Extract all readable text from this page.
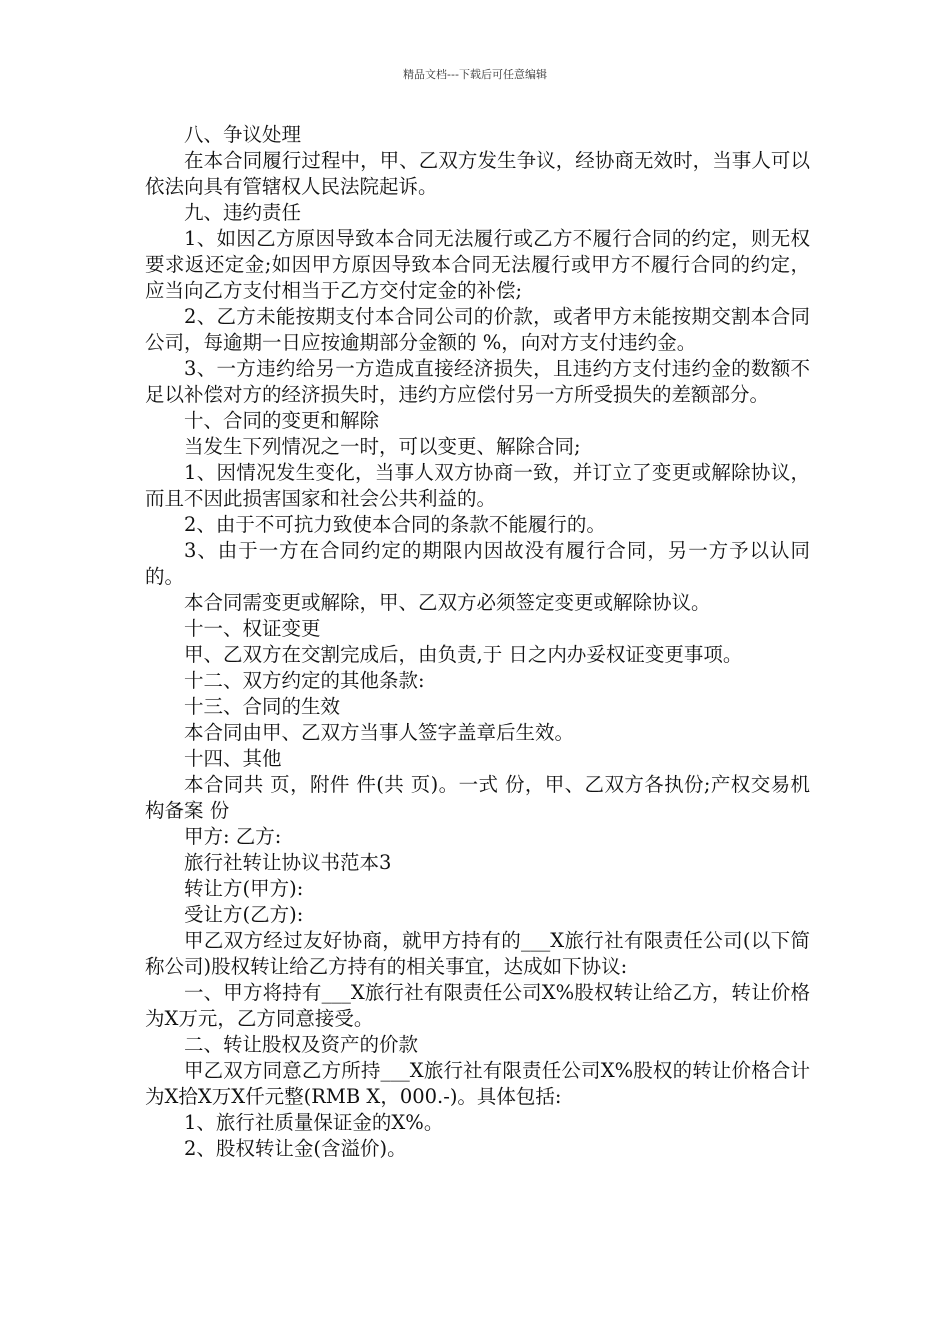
精品文档---下载后可任意编辑

八、争议处理

在本合同履行过程中，甲、乙双方发生争议，经协商无效时，当事人可以依法向具有管辖权人民法院起诉。

九、违约责任

1、如因乙方原因导致本合同无法履行或乙方不履行合同的约定，则无权要求返还定金;如因甲方原因导致本合同无法履行或甲方不履行合同的约定，应当向乙方支付相当于乙方交付定金的补偿;

2、乙方未能按期支付本合同公司的价款，或者甲方未能按期交割本合同公司，每逾期一日应按逾期部分金额的 %，向对方支付违约金。

3、一方违约给另一方造成直接经济损失，且违约方支付违约金的数额不足以补偿对方的经济损失时，违约方应偿付另一方所受损失的差额部分。

十、合同的变更和解除

当发生下列情况之一时，可以变更、解除合同;

1、因情况发生变化，当事人双方协商一致，并订立了变更或解除协议，而且不因此损害国家和社会公共利益的。

2、由于不可抗力致使本合同的条款不能履行的。

3、由于一方在合同约定的期限内因故没有履行合同，另一方予以认同的。

本合同需变更或解除，甲、乙双方必须签定变更或解除协议。

十一、权证变更

甲、乙双方在交割完成后，由负责,于 日之内办妥权证变更事项。

十二、双方约定的其他条款:

十三、合同的生效

本合同由甲、乙双方当事人签字盖章后生效。

十四、其他

本合同共 页，附件 件(共 页)。一式 份，甲、乙双方各执份;产权交易机构备案 份

甲方: 乙方:

旅行社转让协议书范本3

转让方(甲方):

受让方(乙方):

甲乙双方经过友好协商，就甲方持有的___X旅行社有限责任公司(以下简称公司)股权转让给乙方持有的相关事宜，达成如下协议:

一、甲方将持有___X旅行社有限责任公司X%股权转让给乙方，转让价格为X万元，乙方同意接受。

二、转让股权及资产的价款

甲乙双方同意乙方所持___X旅行社有限责任公司X%股权的转让价格合计为X拾X万X仟元整(RMB X，000.-)。具体包括:

1、旅行社质量保证金的X%。

2、股权转让金(含溢价)。
